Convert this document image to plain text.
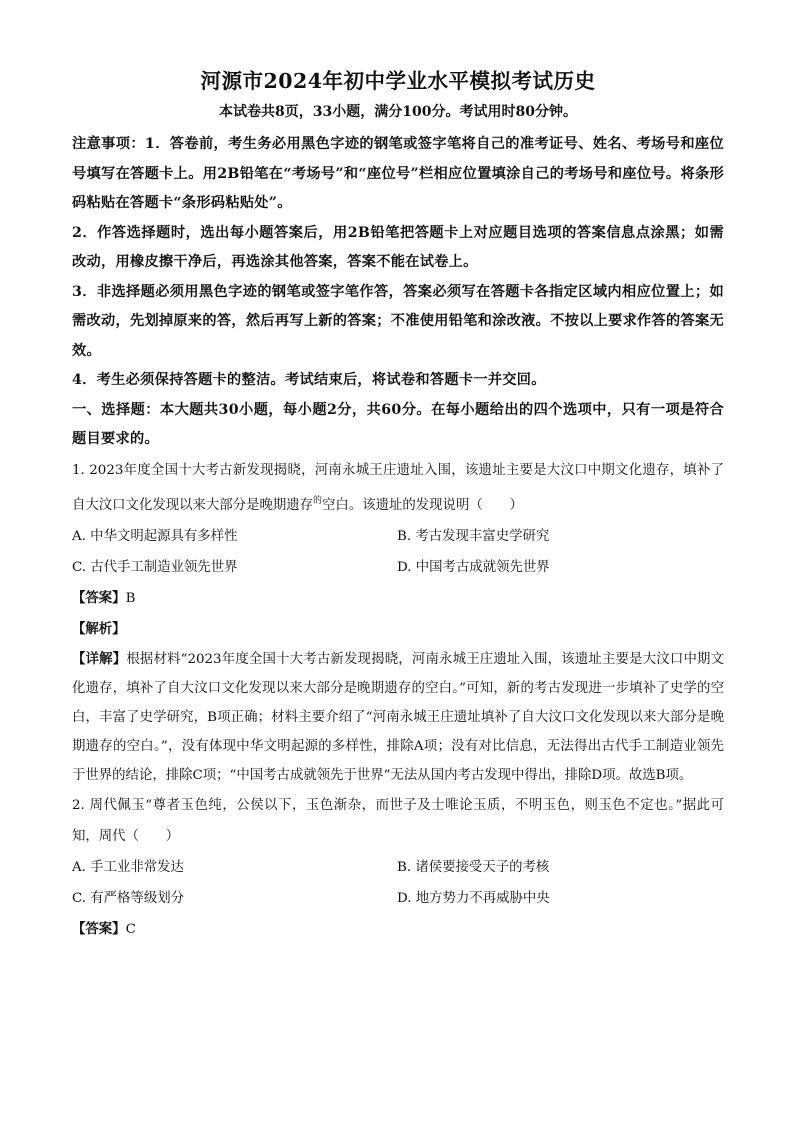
河源市2024年初中学业水平模拟考试历史

本试卷共8页，33小题，满分100分。考试用时80分钟。

注意事项：1．答卷前，考生务必用黑色字迹的钢笔或签字笔将自己的准考证号、姓名、考场号和座位号填写在答题卡上。用2B铅笔在“考场号”和“座位号”栏相应位置填涂自己的考场号和座位号。将条形码粘贴在答题卡“条形码粘贴处”。

2．作答选择题时，选出每小题答案后，用2B铅笔把答题卡上对应题目选项的答案信息点涂黑；如需改动，用橡皮擦干净后，再选涂其他答案，答案不能在试卷上。

3．非选择题必须用黑色字迹的钢笔或签字笔作答，答案必须写在答题卡各指定区域内相应位置上；如需改动，先划掉原来的答，然后再写上新的答案；不准使用铅笔和涂改液。不按以上要求作答的答案无效。

4．考生必须保持答题卡的整洁。考试结束后，将试卷和答题卡一并交回。

一、选择题：本大题共30小题，每小题2分，共60分。在每小题给出的四个选项中，只有一项是符合题目要求的。

1. 2023年度全国十大考古新发现揭晓，河南永城王庄遗址入围，该遗址主要是大汶口中期文化遗存，填补了自大汶口文化发现以来大部分是晚期遗存$^的$空白。该遗址的发现说明（　　）

A. 中华文明起源具有多样性	B. 考古发现丰富史学研究
C. 古代手工制造业领先世界	D. 中国考古成就领先世界

【答案】B

【解析】

【详解】根据材料“2023年度全国十大考古新发现揭晓，河南永城王庄遗址入围，该遗址主要是大汶口中期文化遗存，填补了自大汶口文化发现以来大部分是晚期遗存的空白。”可知，新的考古发现进一步填补了史学的空白，丰富了史学研究，B项正确；材料主要介绍了“河南永城王庄遗址填补了自大汶口文化发现以来大部分是晚期遗存的空白。”，没有体现中华文明起源的多样性，排除A项；没有对比信息，无法得出古代手工制造业领先于世界的结论，排除C项；“中国考古成就领先于世界”无法从国内考古发现中得出，排除D项。故选B项。

2. 周代佩玉“尊者玉色纯，公侯以下，玉色渐杂，而世子及士唯论玉质，不明玉色，则玉色不定也。”据此可知，周代（　　）

A. 手工业非常发达	B. 诸侯要接受天子的考核
C. 有严格等级划分	D. 地方势力不再威胁中央

【答案】C
